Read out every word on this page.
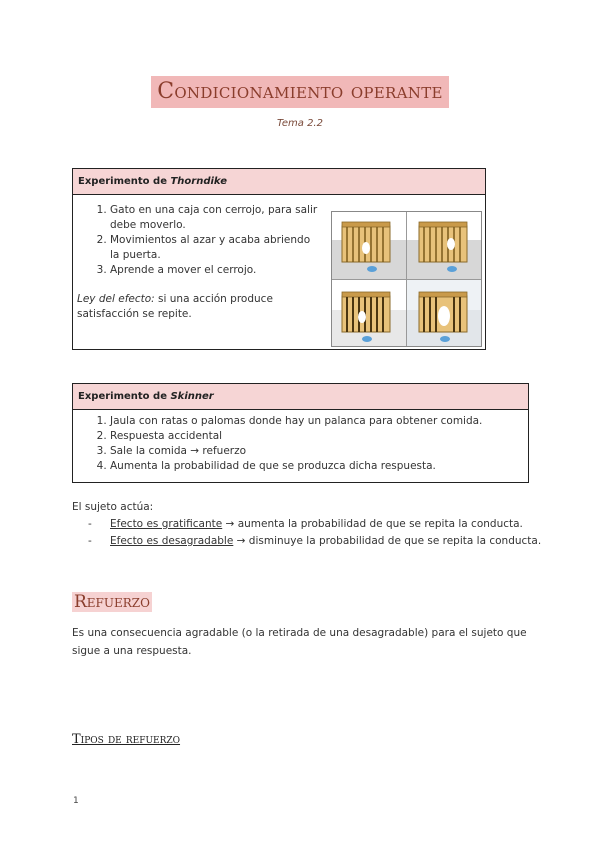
Condicionamiento operante
Tema 2.2
Experimento de Thorndike
1. Gato en una caja con cerrojo, para salir debe moverlo.
2. Movimientos al azar y acaba abriendo la puerta.
3. Aprende a mover el cerrojo.
Ley del efecto: si una acción produce satisfacción se repite.
Experimento de Skinner
1. Jaula con ratas o palomas donde hay un palanca para obtener comida.
2. Respuesta accidental
3. Sale la comida → refuerzo
4. Aumenta la probabilidad de que se produzca dicha respuesta.
El sujeto actúa:
- Efecto es gratificante → aumenta la probabilidad de que se repita la conducta.
- Efecto es desagradable → disminuye la probabilidad de que se repita la conducta.
Refuerzo
Es una consecuencia agradable (o la retirada de una desagradable) para el sujeto que sigue a una respuesta.
Tipos de refuerzo
1
